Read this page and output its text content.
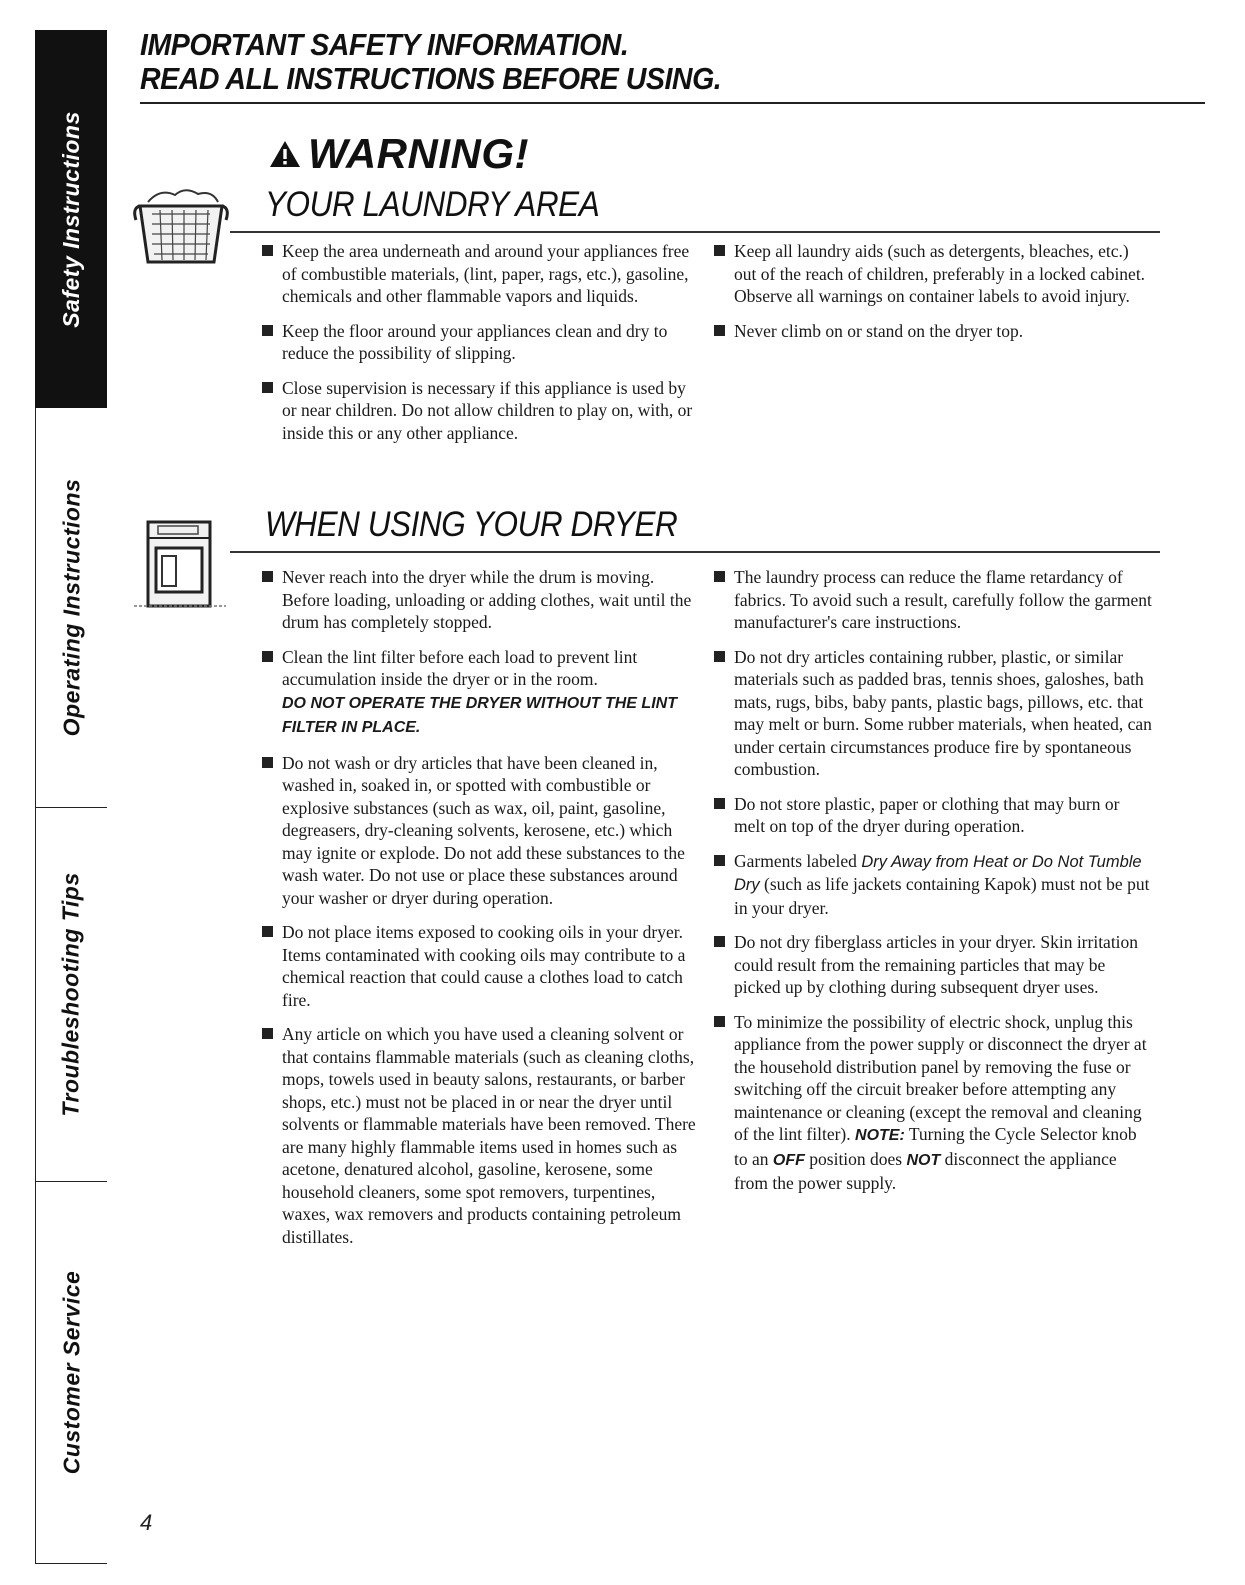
Safety Instructions
Operating Instructions
Troubleshooting Tips
Customer Service
IMPORTANT SAFETY INFORMATION.
READ ALL INSTRUCTIONS BEFORE USING.
WARNING!
YOUR LAUNDRY AREA
Keep the area underneath and around your appliances free of combustible materials, (lint, paper, rags, etc.), gasoline, chemicals and other flammable vapors and liquids.
Keep the floor around your appliances clean and dry to reduce the possibility of slipping.
Close supervision is necessary if this appliance is used by or near children. Do not allow children to play on, with, or inside this or any other appliance.
Keep all laundry aids (such as detergents, bleaches, etc.) out of the reach of children, preferably in a locked cabinet. Observe all warnings on container labels to avoid injury.
Never climb on or stand on the dryer top.
WHEN USING YOUR DRYER
Never reach into the dryer while the drum is moving. Before loading, unloading or adding clothes, wait until the drum has completely stopped.
Clean the lint filter before each load to prevent lint accumulation inside the dryer or in the room.
DO NOT OPERATE THE DRYER WITHOUT THE LINT FILTER IN PLACE.
Do not wash or dry articles that have been cleaned in, washed in, soaked in, or spotted with combustible or explosive substances (such as wax, oil, paint, gasoline, degreasers, dry-cleaning solvents, kerosene, etc.) which may ignite or explode. Do not add these substances to the wash water. Do not use or place these substances around your washer or dryer during operation.
Do not place items exposed to cooking oils in your dryer. Items contaminated with cooking oils may contribute to a chemical reaction that could cause a clothes load to catch fire.
Any article on which you have used a cleaning solvent or that contains flammable materials (such as cleaning cloths, mops, towels used in beauty salons, restaurants, or barber shops, etc.) must not be placed in or near the dryer until solvents or flammable materials have been removed. There are many highly flammable items used in homes such as acetone, denatured alcohol, gasoline, kerosene, some household cleaners, some spot removers, turpentines, waxes, wax removers and products containing petroleum distillates.
The laundry process can reduce the flame retardancy of fabrics. To avoid such a result, carefully follow the garment manufacturer's care instructions.
Do not dry articles containing rubber, plastic, or similar materials such as padded bras, tennis shoes, galoshes, bath mats, rugs, bibs, baby pants, plastic bags, pillows, etc. that may melt or burn. Some rubber materials, when heated, can under certain circumstances produce fire by spontaneous combustion.
Do not store plastic, paper or clothing that may burn or melt on top of the dryer during operation.
Garments labeled Dry Away from Heat or Do Not Tumble Dry (such as life jackets containing Kapok) must not be put in your dryer.
Do not dry fiberglass articles in your dryer. Skin irritation could result from the remaining particles that may be picked up by clothing during subsequent dryer uses.
To minimize the possibility of electric shock, unplug this appliance from the power supply or disconnect the dryer at the household distribution panel by removing the fuse or switching off the circuit breaker before attempting any maintenance or cleaning (except the removal and cleaning of the lint filter). NOTE: Turning the Cycle Selector knob to an OFF position does NOT disconnect the appliance from the power supply.
4
